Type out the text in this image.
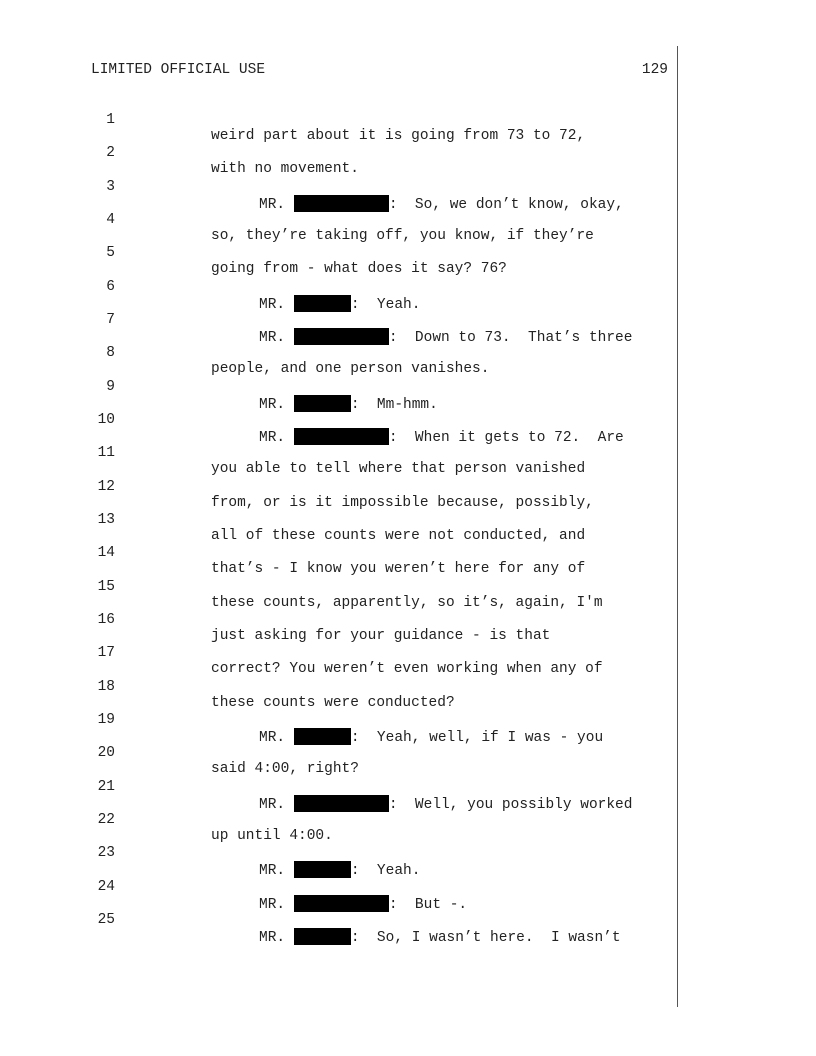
LIMITED OFFICIAL USE	129

1

weird part about it is going from 73 to 72,

2

with no movement.

3

MR.	:  So, we don’t know, okay,

4

so, they’re taking off, you know, if they’re

5

going from - what does it say? 76?

6

MR.	:  Yeah.

7

MR.	:  Down to 73.  That’s three

8

people, and one person vanishes.

9

MR.	:  Mm-hmm.

10

MR.	:  When it gets to 72.  Are

11

you able to tell where that person vanished

12

from, or is it impossible because, possibly,

13

all of these counts were not conducted, and

14

that’s - I know you weren’t here for any of

15

these counts, apparently, so it’s, again, I'm

16

just asking for your guidance - is that

17

correct? You weren’t even working when any of

18

these counts were conducted?

19

MR.	:  Yeah, well, if I was - you

20

said 4:00, right?

21

MR.	:  Well, you possibly worked

22

up until 4:00.

23

MR.	:  Yeah.

24

MR.	:  But -.

25

MR.	:  So, I wasn’t here.  I wasn’t
